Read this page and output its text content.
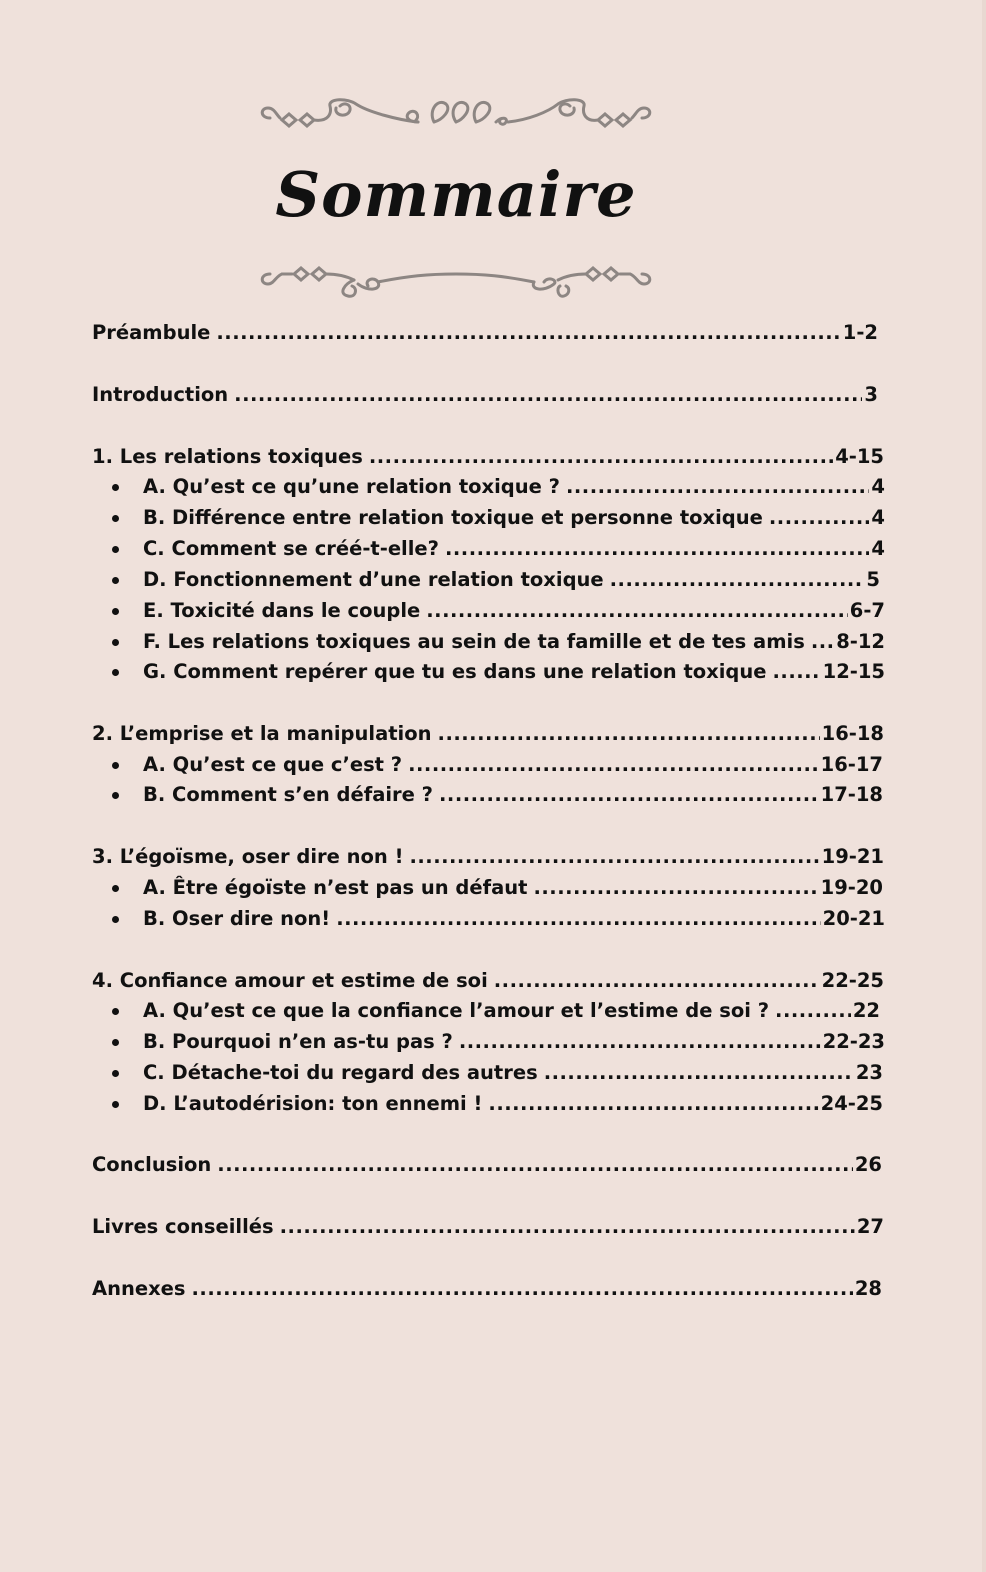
Sommaire
Préambule .....	1-2
Introduction .....	3
1. Les relations toxiques .....	4-15
A. Qu’est ce qu’une relation toxique ? .....	4
B. Différence entre relation toxique et personne toxique .....	4
C. Comment se créé-t-elle? .....	4
D. Fonctionnement d’une relation toxique .....	5
E. Toxicité dans le couple .....	6-7
F. Les relations toxiques au sein de ta famille et de tes amis ..... 8-12
G. Comment repérer que tu es dans une relation toxique .....	12-15
2. L’emprise et la manipulation .....	16-18
A. Qu’est ce que c’est ? .....	16-17
B. Comment s’en défaire ? .....	17-18
3. L’égoïsme, oser dire non ! .....	19-21
A. Être égoïste n’est pas un défaut .....	19-20
B. Oser dire non! .....	20-21
4. Confiance amour et estime de soi .....	22-25
A. Qu’est ce que la confiance l’amour et l’estime de soi ? .....	22
B. Pourquoi n’en as-tu pas ? .....	22-23
C. Détache-toi du regard des autres .....	23
D. L’autodérision: ton ennemi ! .....	24-25
Conclusion .....	26
Livres conseillés .....	27
Annexes .....	28
